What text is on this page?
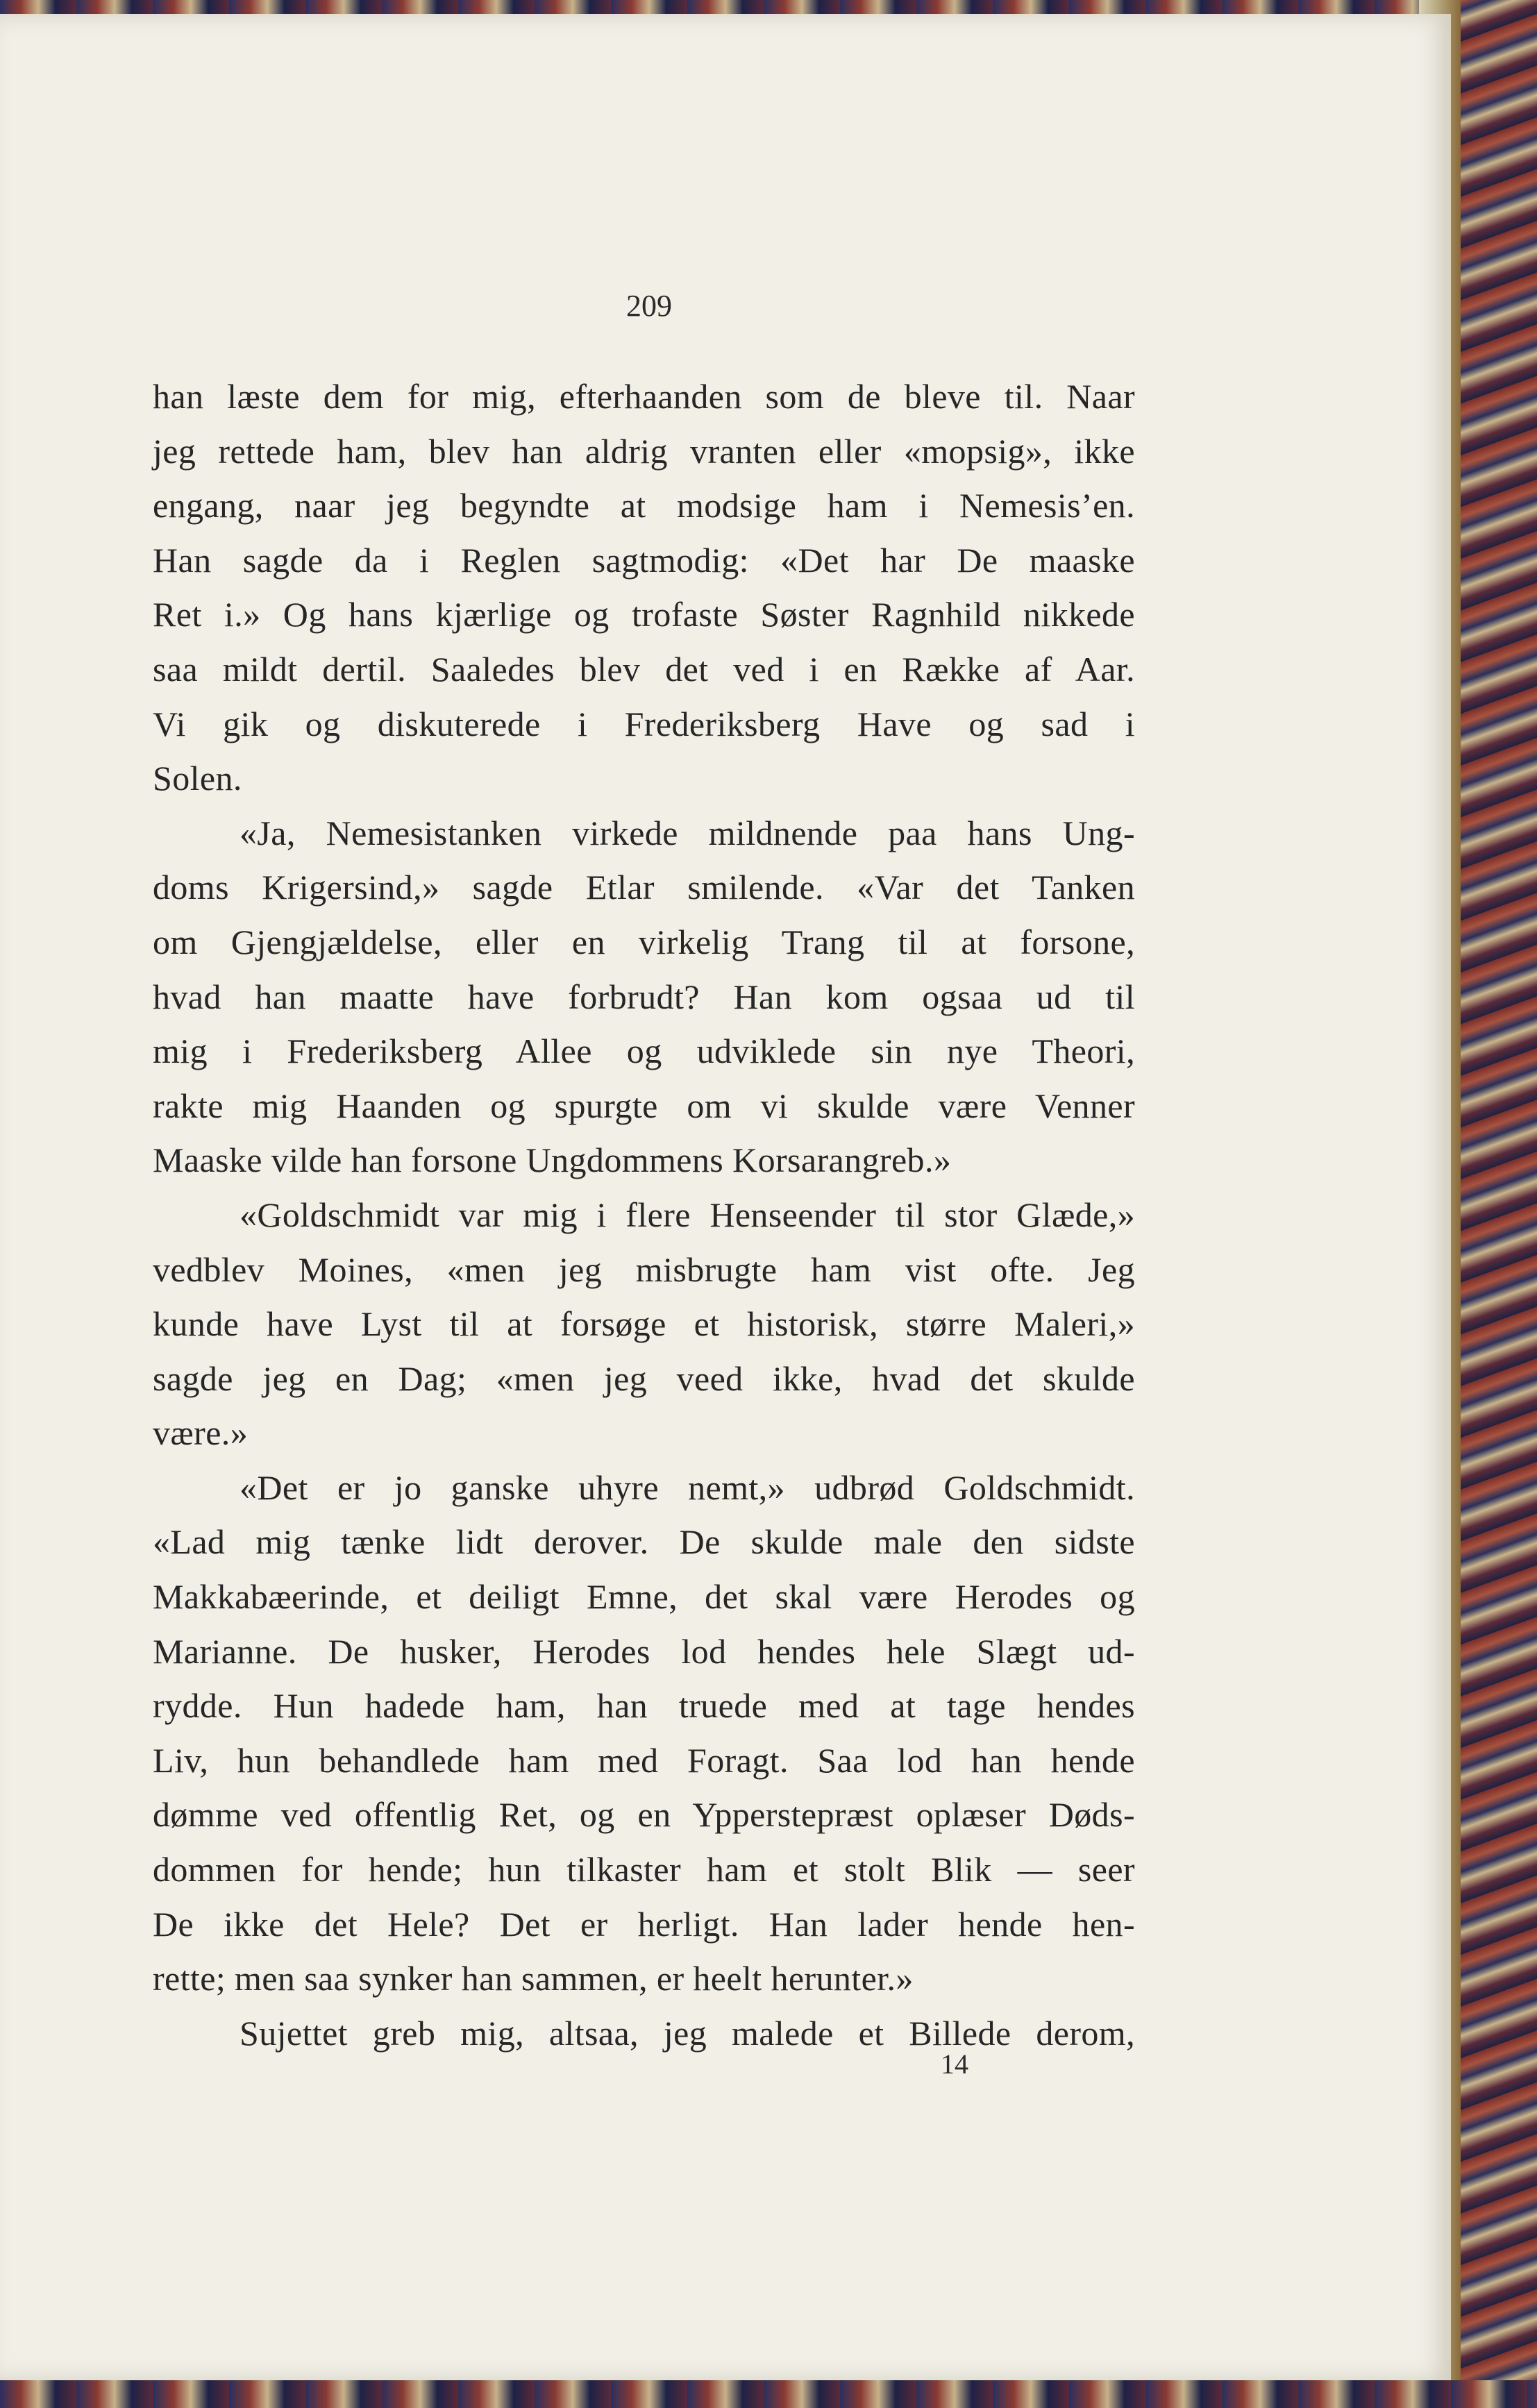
209
han læste dem for mig, efterhaanden som de bleve til. Naar
jeg rettede ham, blev han aldrig vranten eller «mopsig», ikke
engang, naar jeg begyndte at modsige ham i Nemesis’en.
Han sagde da i Reglen sagtmodig: «Det har De maaske
Ret i.» Og hans kjærlige og trofaste Søster Ragnhild nikkede
saa mildt dertil. Saaledes blev det ved i en Række af Aar.
Vi gik og diskuterede i Frederiksberg Have og sad i
Solen.
«Ja, Nemesistanken virkede mildnende paa hans Ung-
doms Krigersind,» sagde Etlar smilende. «Var det Tanken
om Gjengjældelse, eller en virkelig Trang til at forsone,
hvad han maatte have forbrudt? Han kom ogsaa ud til
mig i Frederiksberg Allee og udviklede sin nye Theori,
rakte mig Haanden og spurgte om vi skulde være Venner
Maaske vilde han forsone Ungdommens Korsarangreb.»
«Goldschmidt var mig i flere Henseender til stor Glæde,»
vedblev Moines, «men jeg misbrugte ham vist ofte. Jeg
kunde have Lyst til at forsøge et historisk, større Maleri,»
sagde jeg en Dag; «men jeg veed ikke, hvad det skulde
være.»
«Det er jo ganske uhyre nemt,» udbrød Goldschmidt.
«Lad mig tænke lidt derover. De skulde male den sidste
Makkabæerinde, et deiligt Emne, det skal være Herodes og
Marianne. De husker, Herodes lod hendes hele Slægt ud-
rydde. Hun hadede ham, han truede med at tage hendes
Liv, hun behandlede ham med Foragt. Saa lod han hende
dømme ved offentlig Ret, og en Ypperstepræst oplæser Døds-
dommen for hende; hun tilkaster ham et stolt Blik — seer
De ikke det Hele? Det er herligt. Han lader hende hen-
rette; men saa synker han sammen, er heelt herunter.»
Sujettet greb mig, altsaa, jeg malede et Billede derom,
14
